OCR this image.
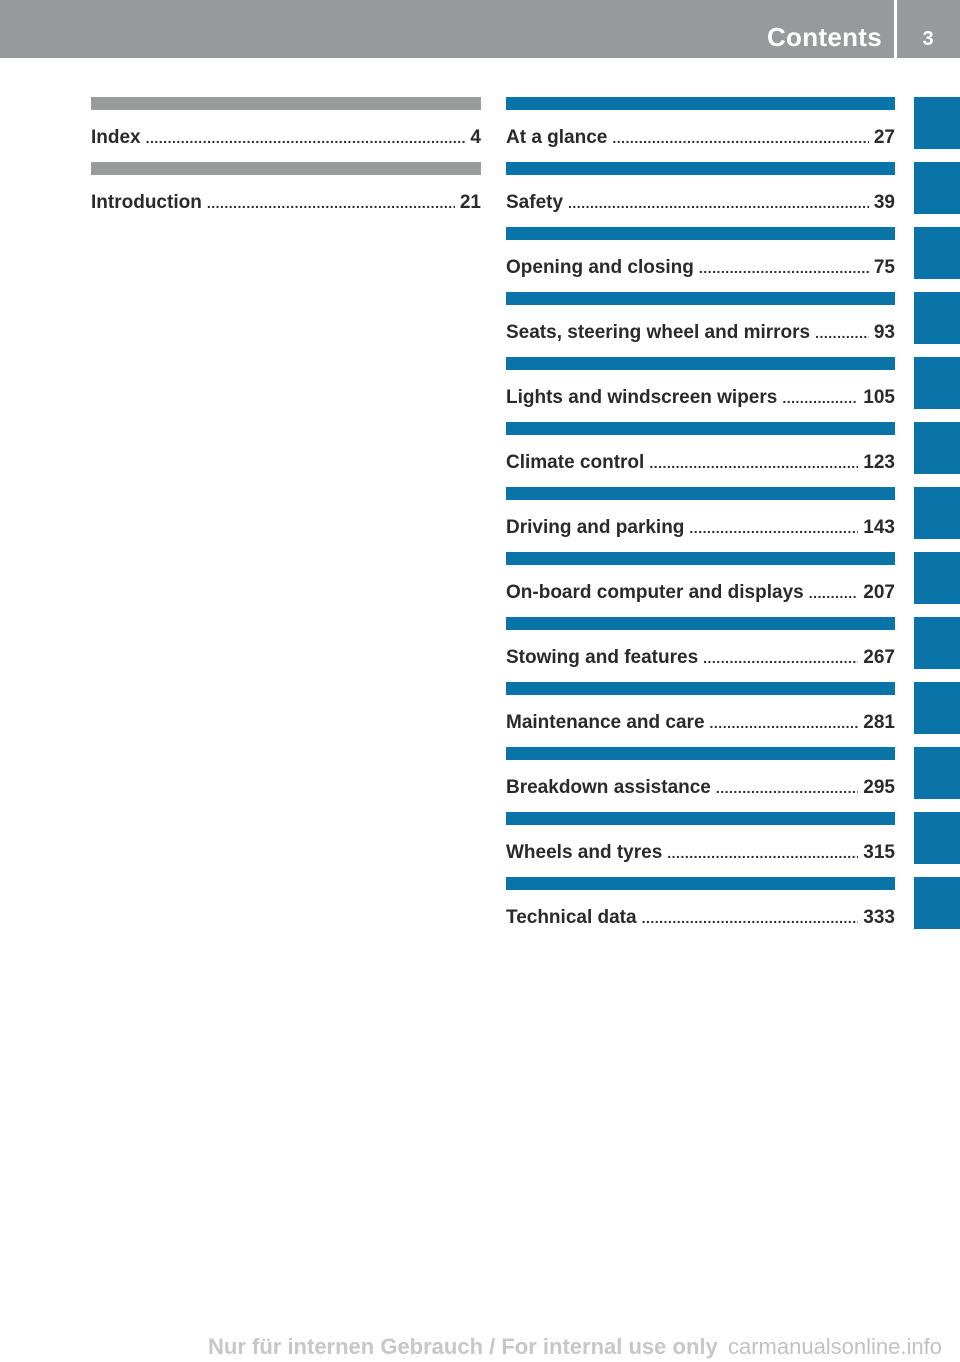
Contents	3
Index .....	4
Introduction .....	21
At a glance .....	27
Safety .....	39
Opening and closing .....	75
Seats, steering wheel and mirrors .....	93
Lights and windscreen wipers .....	105
Climate control .....	123
Driving and parking .....	143
On-board computer and displays .....	207
Stowing and features .....	267
Maintenance and care .....	281
Breakdown assistance .....	295
Wheels and tyres .....	315
Technical data .....	333
Nur für internen Gebrauch / For internal use only carmanualsonline.info
